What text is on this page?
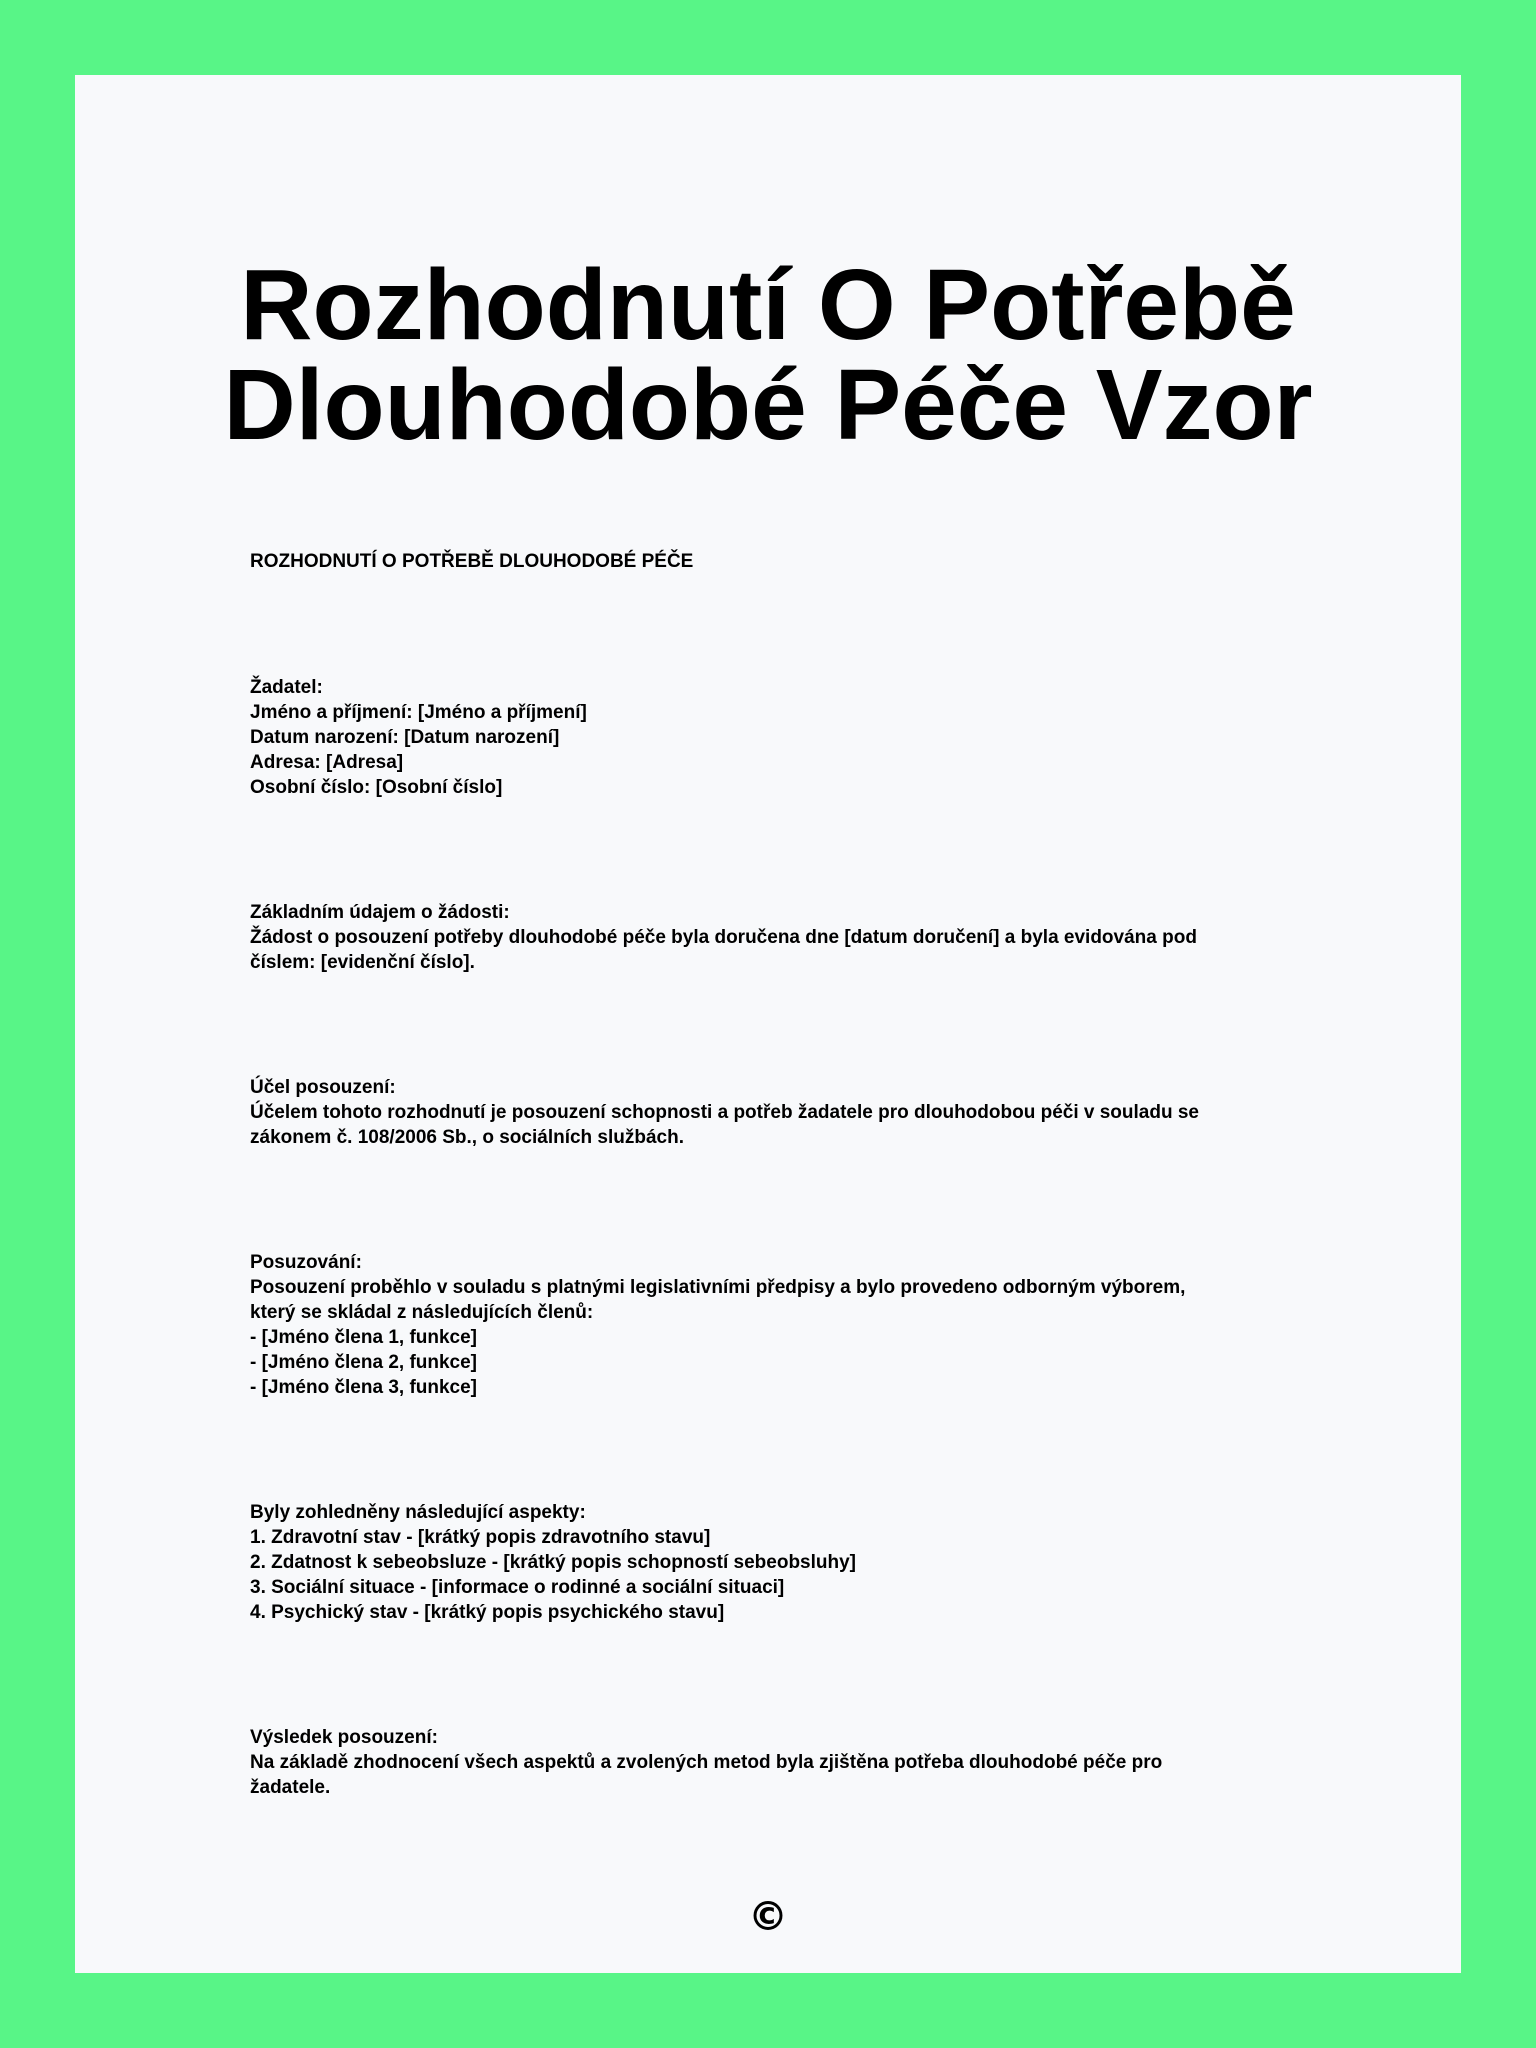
Rozhodnutí O Potřebě
Dlouhodobé Péče Vzor
ROZHODNUTÍ O POTŘEBĚ DLOUHODOBÉ PÉČE
Žadatel:
Jméno a příjmení: [Jméno a příjmení]
Datum narození: [Datum narození]
Adresa: [Adresa]
Osobní číslo: [Osobní číslo]
Základním údajem o žádosti:
Žádost o posouzení potřeby dlouhodobé péče byla doručena dne [datum doručení] a byla evidována pod
číslem: [evidenční číslo].
Účel posouzení:
Účelem tohoto rozhodnutí je posouzení schopnosti a potřeb žadatele pro dlouhodobou péči v souladu se
zákonem č. 108/2006 Sb., o sociálních službách.
Posuzování:
Posouzení proběhlo v souladu s platnými legislativními předpisy a bylo provedeno odborným výborem,
který se skládal z následujících členů:
- [Jméno člena 1, funkce]
- [Jméno člena 2, funkce]
- [Jméno člena 3, funkce]
Byly zohledněny následující aspekty:
1. Zdravotní stav - [krátký popis zdravotního stavu]
2. Zdatnost k sebeobsluze - [krátký popis schopností sebeobsluhy]
3. Sociální situace - [informace o rodinné a sociální situaci]
4. Psychický stav - [krátký popis psychického stavu]
Výsledek posouzení:
Na základě zhodnocení všech aspektů a zvolených metod byla zjištěna potřeba dlouhodobé péče pro
žadatele.
©
